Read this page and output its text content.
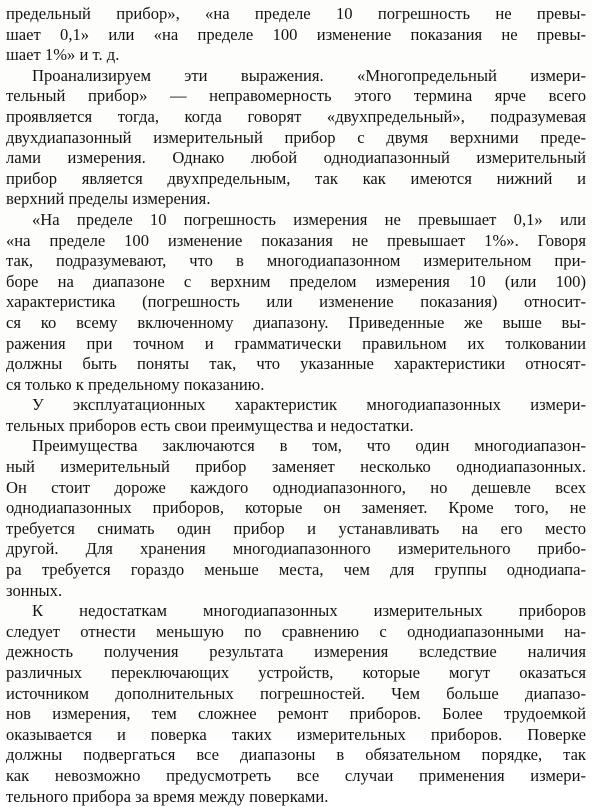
предельный прибор», «на пределе 10 погрешность не превы-
шает 0,1» или «на пределе 100 изменение показания не превы-
шает 1%» и т. д.
Проанализируем эти выражения. «Многопредельный измери-
тельный прибор» — неправомерность этого термина ярче всего
проявляется тогда, когда говорят «двухпредельный», подразумевая
двухдиапазонный измерительный прибор с двумя верхними преде-
лами измерения. Однако любой однодиапазонный измерительный
прибор является двухпредельным, так как имеются нижний и
верхний пределы измерения.
«На пределе 10 погрешность измерения не превышает 0,1» или
«на пределе 100 изменение показания не превышает 1%». Говоря
так, подразумевают, что в многодиапазонном измерительном при-
боре на диапазоне с верхним пределом измерения 10 (или 100)
характеристика (погрешность или изменение показания) относит-
ся ко всему включенному диапазону. Приведенные же выше вы-
ражения при точном и грамматически правильном их толковании
должны быть поняты так, что указанные характеристики относят-
ся только к предельному показанию.
У эксплуатационных характеристик многодиапазонных измери-
тельных приборов есть свои преимущества и недостатки.
Преимущества заключаются в том, что один многодиапазон-
ный измерительный прибор заменяет несколько однодиапазонных.
Он стоит дороже каждого однодиапазонного, но дешевле всех
однодиапазонных приборов, которые он заменяет. Кроме того, не
требуется снимать один прибор и устанавливать на его место
другой. Для хранения многодиапазонного измерительного прибо-
ра требуется гораздо меньше места, чем для группы однодиапа-
зонных.
К недостаткам многодиапазонных измерительных приборов
следует отнести меньшую по сравнению с однодиапазонными на-
дежность получения результата измерения вследствие наличия
различных переключающих устройств, которые могут оказаться
источником дополнительных погрешностей. Чем больше диапазо-
нов измерения, тем сложнее ремонт приборов. Более трудоемкой
оказывается и поверка таких измерительных приборов. Поверке
должны подвергаться все диапазоны в обязательном порядке, так
как невозможно предусмотреть все случаи применения измери-
тельного прибора за время между поверками.
